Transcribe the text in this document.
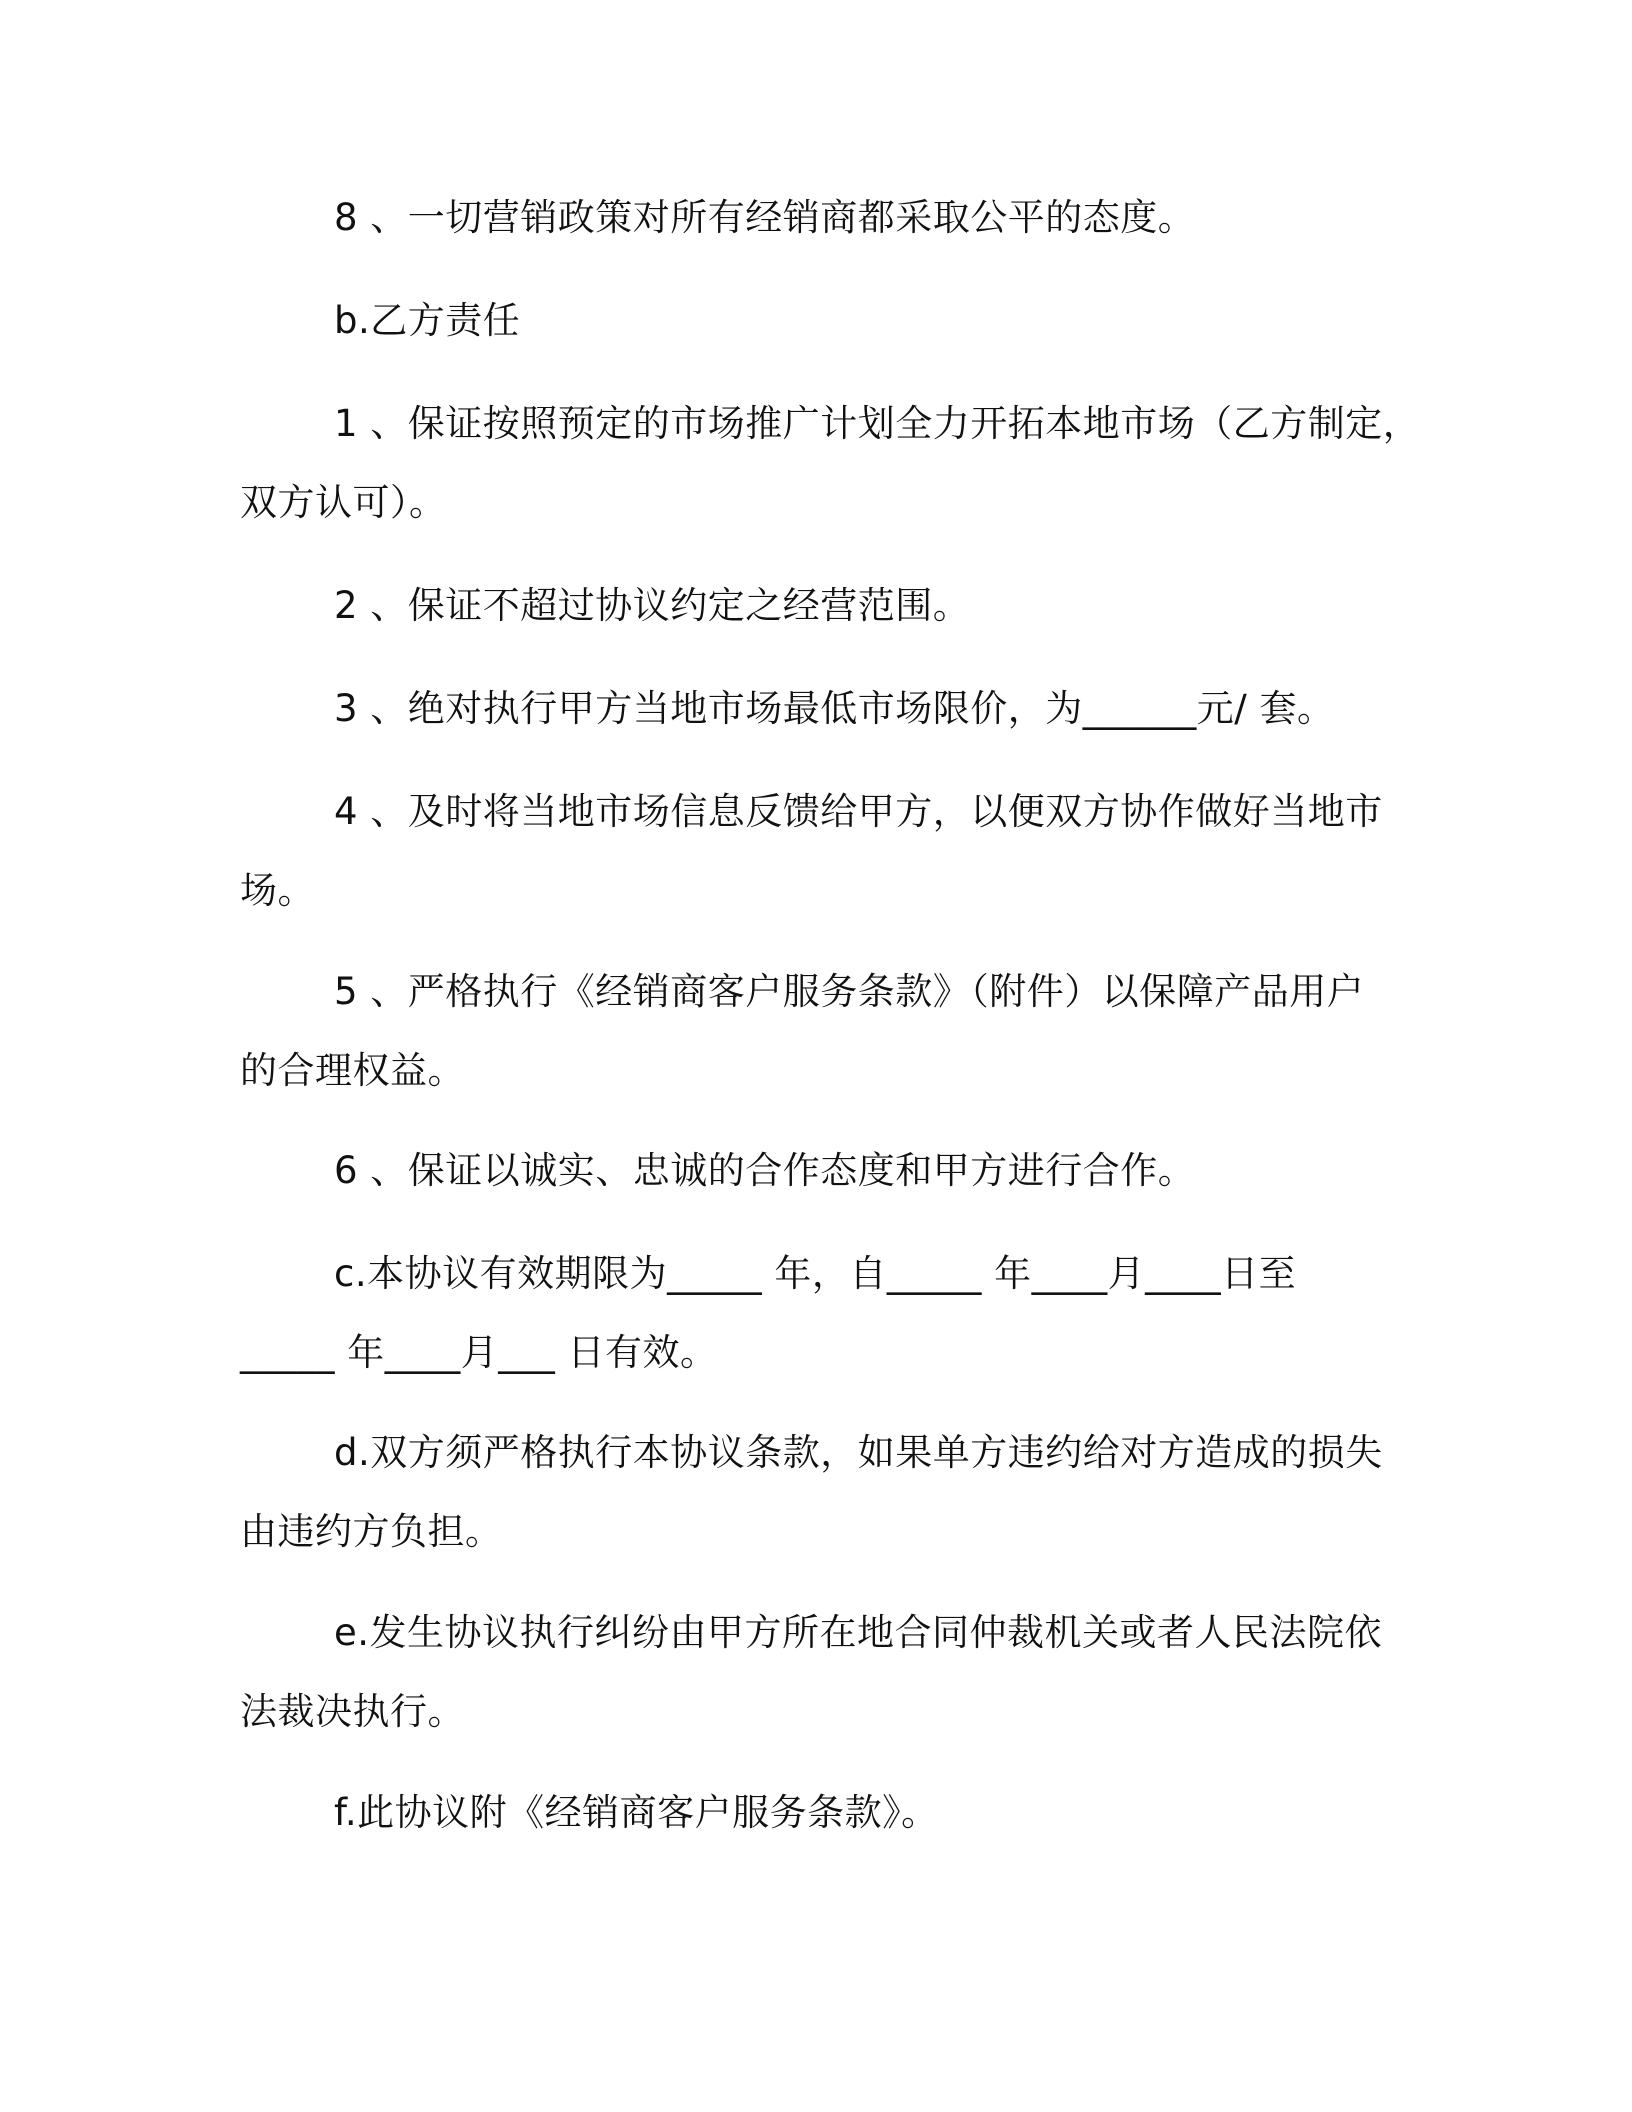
8 、一切营销政策对所有经销商都采取公平的态度。
b.乙方责任
1 、保证按照预定的市场推广计划全力开拓本地市场（乙方制定，
双方认可）。
2 、保证不超过协议约定之经营范围。
3 、绝对执行甲方当地市场最低市场限价，为______元/ 套。
4 、及时将当地市场信息反馈给甲方，以便双方协作做好当地市
场。
5 、严格执行《经销商客户服务条款》（附件）以保障产品用户
的合理权益。
6 、保证以诚实、忠诚的合作态度和甲方进行合作。
c.本协议有效期限为_____ 年，自_____ 年____月____日至
_____ 年____月___ 日有效。
d.双方须严格执行本协议条款，如果单方违约给对方造成的损失
由违约方负担。
e.发生协议执行纠纷由甲方所在地合同仲裁机关或者人民法院依
法裁决执行。
f.此协议附《经销商客户服务条款》。
